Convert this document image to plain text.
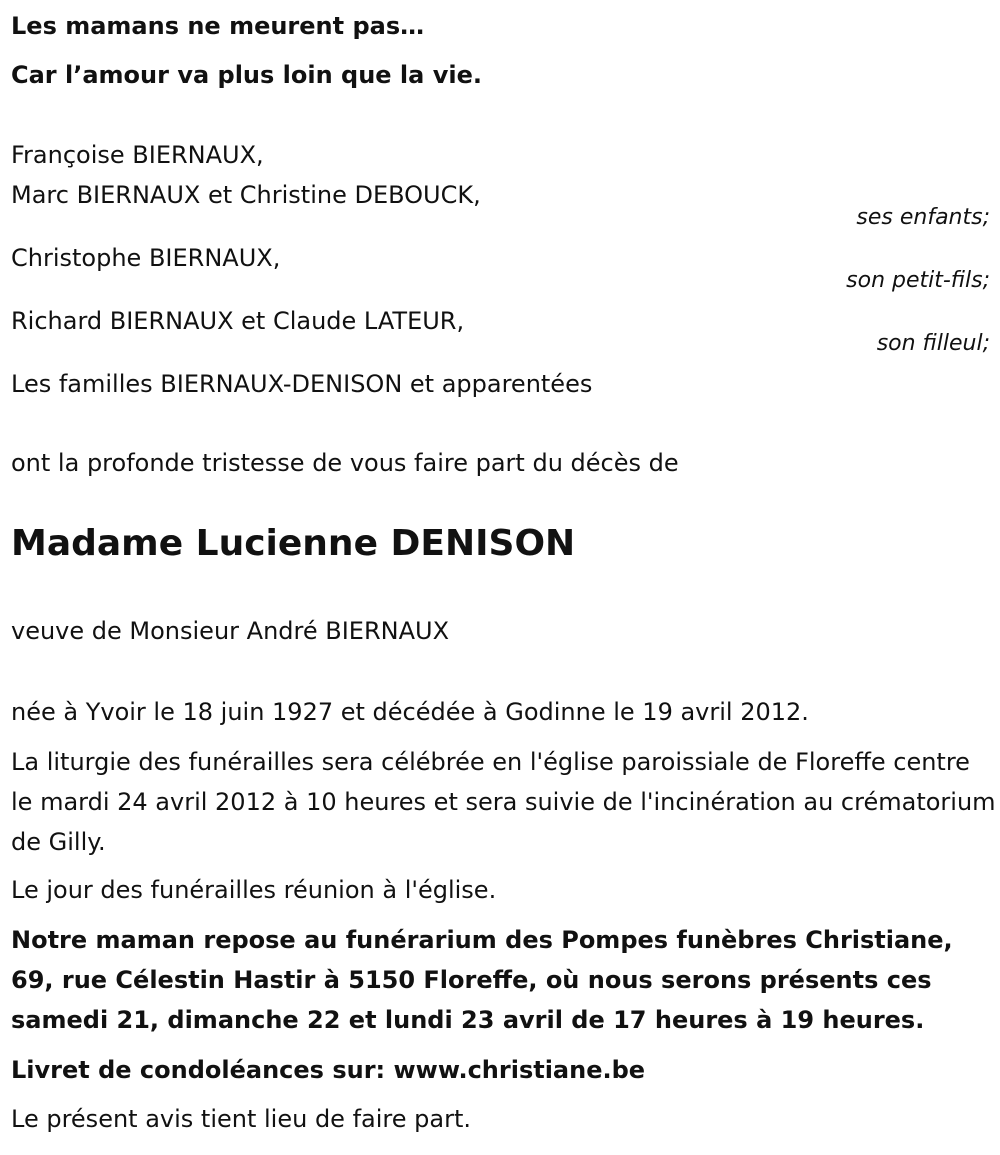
Les mamans ne meurent pas…
Car l’amour va plus loin que la vie.
Françoise BIERNAUX,
Marc BIERNAUX et Christine DEBOUCK,
ses enfants;
Christophe BIERNAUX,
son petit-fils;
Richard BIERNAUX et Claude LATEUR,
son filleul;
Les familles BIERNAUX-DENISON et apparentées
ont la profonde tristesse de vous faire part du décès de
Madame Lucienne DENISON
veuve de Monsieur André BIERNAUX
née à Yvoir le 18 juin 1927 et décédée à Godinne le 19 avril 2012.
La liturgie des funérailles sera célébrée en l'église paroissiale de Floreffe centre le mardi 24 avril 2012 à 10 heures et sera suivie de l'incinération au crématorium de Gilly.
Le jour des funérailles réunion à l'église.
Notre maman repose au funérarium des Pompes funèbres Christiane, 69, rue Célestin Hastir à 5150 Floreffe, où nous serons présents ces samedi 21, dimanche 22 et lundi 23 avril de 17 heures à 19 heures.
Livret de condoléances sur: www.christiane.be
Le présent avis tient lieu de faire part.
